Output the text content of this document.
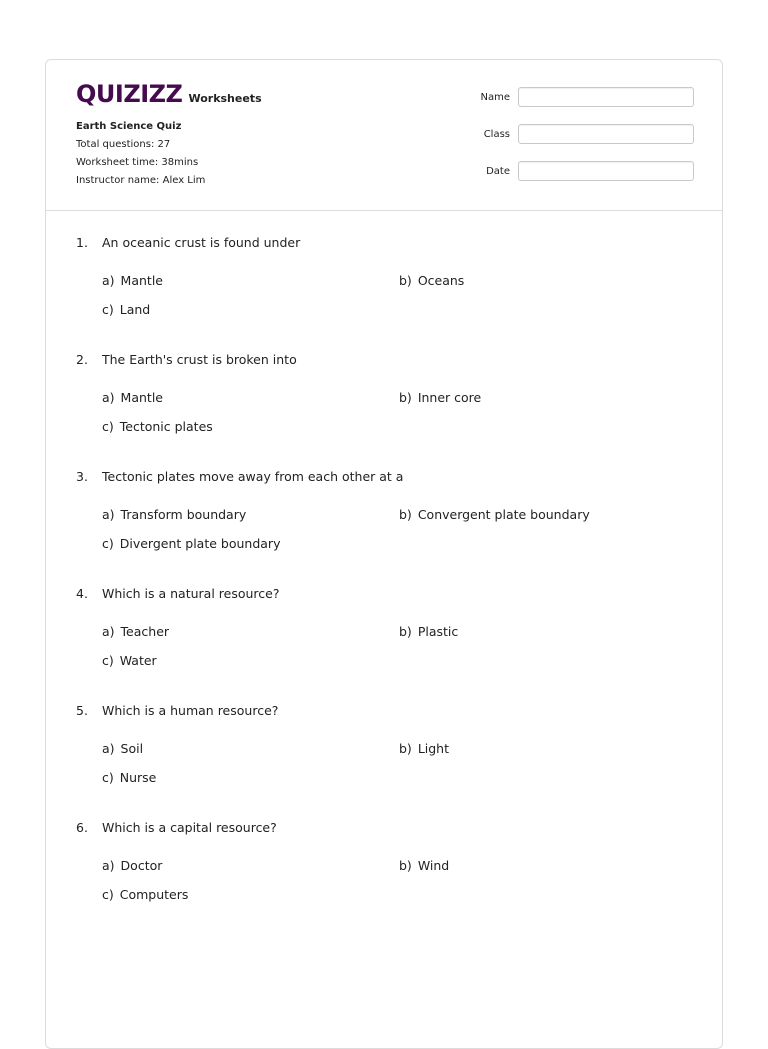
QUIZIZZ Worksheets
Earth Science Quiz
Total questions: 27
Worksheet time: 38mins
Instructor name: Alex Lim
Name
Class
Date
1.	An oceanic crust is found under
a) Mantle	b) Oceans
c) Land
2.	The Earth's crust is broken into
a) Mantle	b) Inner core
c) Tectonic plates
3.	Tectonic plates move away from each other at a
a) Transform boundary	b) Convergent plate boundary
c) Divergent plate boundary
4.	Which is a natural resource?
a) Teacher	b) Plastic
c) Water
5.	Which is a human resource?
a) Soil	b) Light
c) Nurse
6.	Which is a capital resource?
a) Doctor	b) Wind
c) Computers
